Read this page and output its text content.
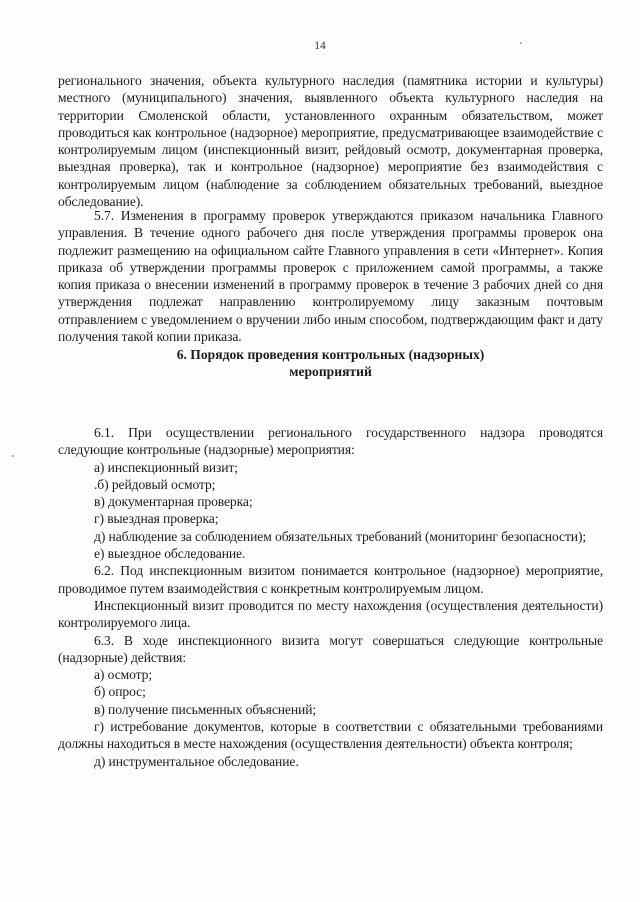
14

регионального значения, объекта культурного наследия (памятника истории и культуры) местного (муниципального) значения, выявленного объекта культурного наследия на территории Смоленской области, установленного охранным обязательством, может проводиться как контрольное (надзорное) мероприятие, предусматривающее взаимодействие с контролируемым лицом (инспекционный визит, рейдовый осмотр, документарная проверка, выездная проверка), так и контрольное (надзорное) мероприятие без взаимодействия с контролируемым лицом (наблюдение за соблюдением обязательных требований, выездное обследование).

5.7. Изменения в программу проверок утверждаются приказом начальника Главного управления. В течение одного рабочего дня после утверждения программы проверок она подлежит размещению на официальном сайте Главного управления в сети «Интернет». Копия приказа об утверждении программы проверок с приложением самой программы, а также копия приказа о внесении изменений в программу проверок в течение 3 рабочих дней со дня утверждения подлежат направлению контролируемому лицу заказным почтовым отправлением с уведомлением о вручении либо иным способом, подтверждающим факт и дату получения такой копии приказа.

6. Порядок проведения контрольных (надзорных)
мероприятий

6.1. При осуществлении регионального государственного надзора проводятся следующие контрольные (надзорные) мероприятия:

а) инспекционный визит;

.б) рейдовый осмотр;

в) документарная проверка;

г) выездная проверка;

д) наблюдение за соблюдением обязательных требований (мониторинг безопасности);

е) выездное обследование.

6.2. Под инспекционным визитом понимается контрольное (надзорное) мероприятие, проводимое путем взаимодействия с конкретным контролируемым лицом.

Инспекционный визит проводится по месту нахождения (осуществления деятельности) контролируемого лица.

6.3. В ходе инспекционного визита могут совершаться следующие контрольные (надзорные) действия:

а) осмотр;

б) опрос;

в) получение письменных объяснений;

г) истребование документов, которые в соответствии с обязательными требованиями должны находиться в месте нахождения (осуществления деятельности) объекта контроля;

д) инструментальное обследование.
